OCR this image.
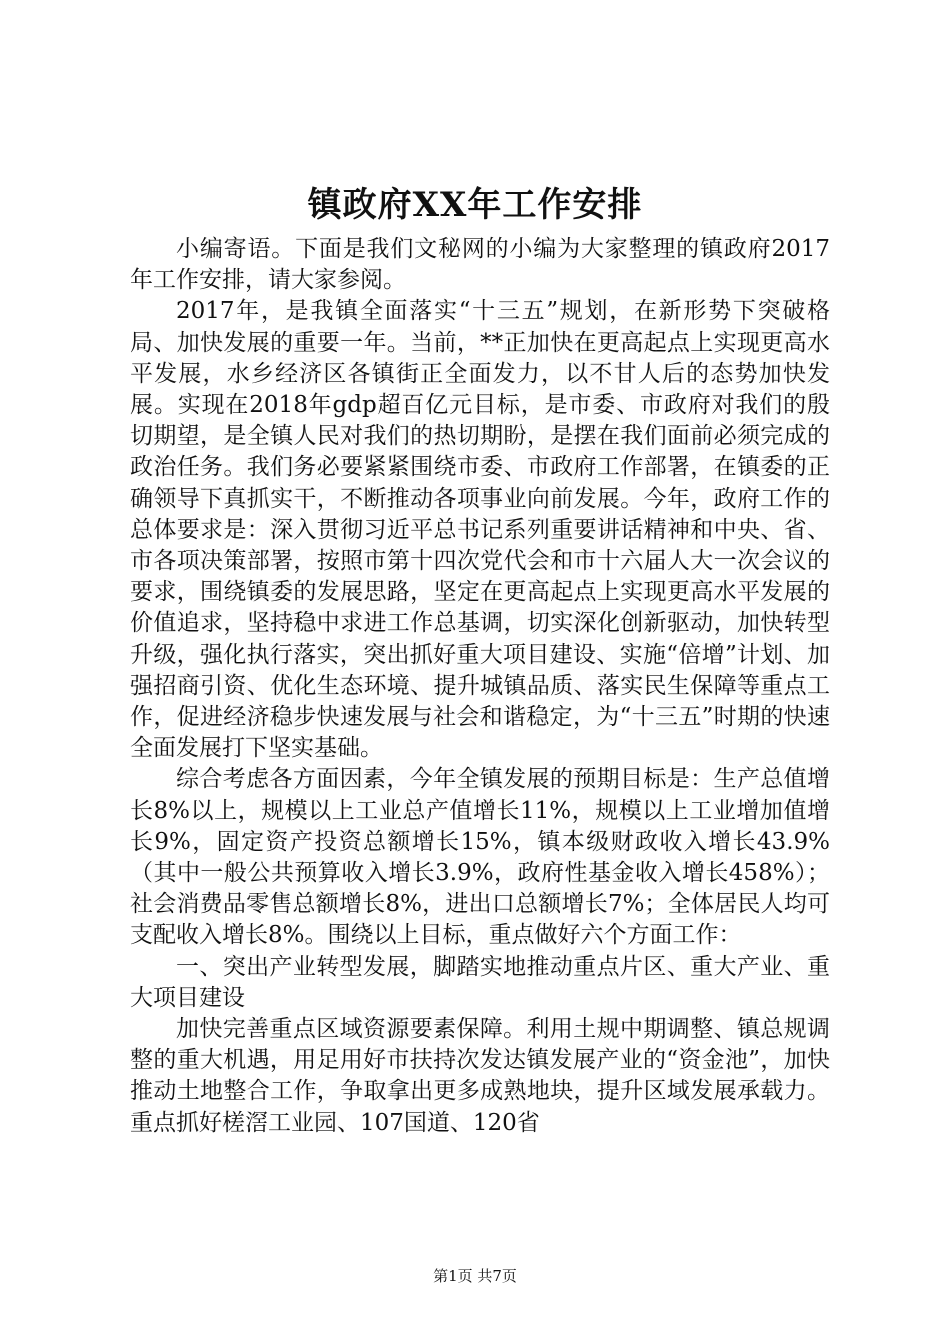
镇政府XX年工作安排

小编寄语。下面是我们文秘网的小编为大家整理的镇政府2017年工作安排，请大家参阅。

2017年，是我镇全面落实“十三五”规划，在新形势下突破格局、加快发展的重要一年。当前，**正加快在更高起点上实现更高水平发展，水乡经济区各镇街正全面发力，以不甘人后的态势加快发展。实现在2018年gdp超百亿元目标，是市委、市政府对我们的殷切期望，是全镇人民对我们的热切期盼，是摆在我们面前必须完成的政治任务。我们务必要紧紧围绕市委、市政府工作部署，在镇委的正确领导下真抓实干，不断推动各项事业向前发展。今年，政府工作的总体要求是：深入贯彻习近平总书记系列重要讲话精神和中央、省、市各项决策部署，按照市第十四次党代会和市十六届人大一次会议的要求，围绕镇委的发展思路，坚定在更高起点上实现更高水平发展的价值追求，坚持稳中求进工作总基调，切实深化创新驱动，加快转型升级，强化执行落实，突出抓好重大项目建设、实施“倍增”计划、加强招商引资、优化生态环境、提升城镇品质、落实民生保障等重点工作，促进经济稳步快速发展与社会和谐稳定，为“十三五”时期的快速全面发展打下坚实基础。

综合考虑各方面因素，今年全镇发展的预期目标是：生产总值增长8%以上，规模以上工业总产值增长11%，规模以上工业增加值增长9%，固定资产投资总额增长15%，镇本级财政收入增长43.9%（其中一般公共预算收入增长3.9%，政府性基金收入增长458%）；社会消费品零售总额增长8%，进出口总额增长7%；全体居民人均可支配收入增长8%。围绕以上目标，重点做好六个方面工作：

一、突出产业转型发展，脚踏实地推动重点片区、重大产业、重大项目建设

加快完善重点区域资源要素保障。利用土规中期调整、镇总规调整的重大机遇，用足用好市扶持次发达镇发展产业的“资金池”，加快推动土地整合工作，争取拿出更多成熟地块，提升区域发展承载力。重点抓好槎滘工业园、107国道、120省

第1页 共7页
